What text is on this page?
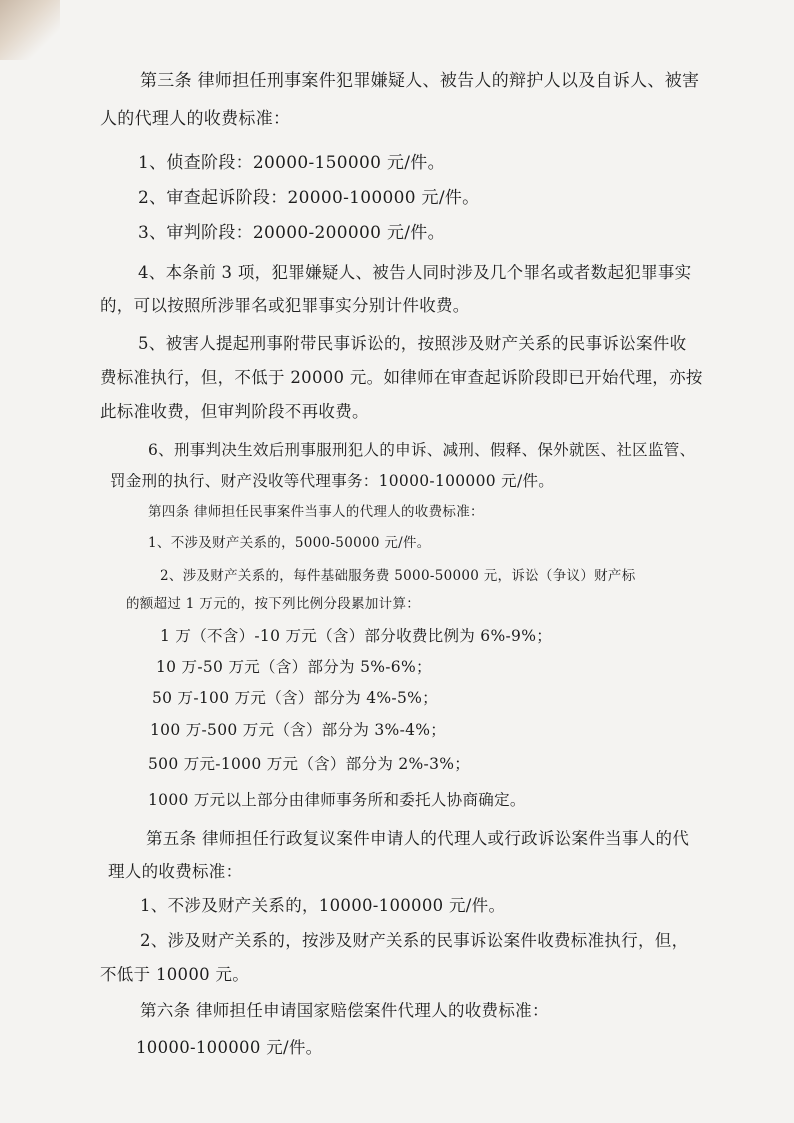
第三条 律师担任刑事案件犯罪嫌疑人、被告人的辩护人以及自诉人、被害
人的代理人的收费标准：
1、侦查阶段：20000-150000 元/件。
2、审查起诉阶段：20000-100000 元/件。
3、审判阶段：20000-200000 元/件。
4、本条前 3 项，犯罪嫌疑人、被告人同时涉及几个罪名或者数起犯罪事实
的，可以按照所涉罪名或犯罪事实分别计件收费。
5、被害人提起刑事附带民事诉讼的，按照涉及财产关系的民事诉讼案件收
费标准执行，但，不低于 20000 元。如律师在审查起诉阶段即已开始代理，亦按
此标准收费，但审判阶段不再收费。
6、刑事判决生效后刑事服刑犯人的申诉、减刑、假释、保外就医、社区监管、
罚金刑的执行、财产没收等代理事务：10000-100000 元/件。
第四条 律师担任民事案件当事人的代理人的收费标准：
1、不涉及财产关系的，5000-50000 元/件。
2、涉及财产关系的，每件基础服务费 5000-50000 元，诉讼（争议）财产标
的额超过 1 万元的，按下列比例分段累加计算：
1 万（不含）-10 万元（含）部分收费比例为 6%-9%；
10 万-50 万元（含）部分为 5%-6%；
50 万-100 万元（含）部分为 4%-5%；
100 万-500 万元（含）部分为 3%-4%；
500 万元-1000 万元（含）部分为 2%-3%；
1000 万元以上部分由律师事务所和委托人协商确定。
第五条 律师担任行政复议案件申请人的代理人或行政诉讼案件当事人的代
理人的收费标准：
1、不涉及财产关系的，10000-100000 元/件。
2、涉及财产关系的，按涉及财产关系的民事诉讼案件收费标准执行，但，
不低于 10000 元。
第六条 律师担任申请国家赔偿案件代理人的收费标准：
10000-100000 元/件。
